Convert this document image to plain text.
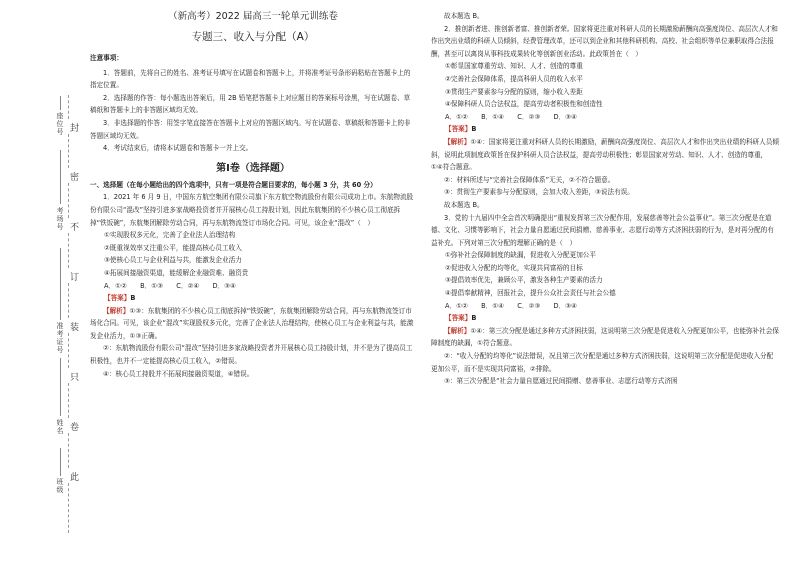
封
密
不
订
装
只
卷
此
座位号
考场号
准考证号
姓名
班级

（新高考）2022 届高三一轮单元训练卷

专题三、收入与分配（A）

注意事项：

1．答题前，先将自己的姓名、准考证号填写在试题卷和答题卡上，并将准考证号条形码粘贴在答题卡上的指定位置。

2．选择题的作答：每小题选出答案后，用 2B 铅笔把答题卡上对应题目的答案标号涂黑，写在试题卷、草稿纸和答题卡上的非答题区域均无效。

3．非选择题的作答：用签字笔直接答在答题卡上对应的答题区域内。写在试题卷、草稿纸和答题卡上的非答题区域均无效。

4．考试结束后，请将本试题卷和答题卡一并上交。

第Ⅰ卷（选择题）

一、选择题（在每小题给出的四个选项中，只有一项是符合题目要求的，每小题 3 分，共 60 分）

1．2021 年 6 月 9 日，中国东方航空集团有限公司旗下东方航空物流股份有限公司成功上市。东航物流股份有限公司“混改”坚持引进多家战略投资者并开展核心员工持股计划，因此东航集团的不少核心员工彻底拆掉“铁饭碗”，东航集团解除劳动合同，再与东航物流签订市场化合同。可见，该企业“混改”（　）

①实现股权多元化，完善了企业法人治理结构

②既重视效率又注重公平，能提高核心员工收入

③使核心员工与企业利益与共，能激发企业活力

④拓展间接融资渠道，能缓解企业融资难、融资贵

A．①②　　B．①③　　C．②④　　D．③④

【答案】B

【解析】①③：东航集团的不少核心员工彻底拆掉“铁饭碗”，东航集团解除劳动合同，再与东航物流签订市场化合同。可见，该企业“混改”实现股权多元化，完善了企业法人治理结构，使核心员工与企业利益与共，能激发企业活力，①③正确。

②：东航物流股份有限公司“混改”坚持引进多家战略投资者并开展核心员工持股计划，并不是为了提高员工积极性，也并不一定能提高核心员工收入，②错误。

④：核心员工持股并不拓展间接融资渠道，④错误。

故本题选 B。

2．推创新者进、推创新者富、推创新者荣。国家将更注重对科研人员的长期激励薪酬向高强度岗位、高层次人才和作出突出业绩的科研人员倾斜，经费管理改革，还可以到企业和其他科研机构、高校、社会组织等单位兼职取得合法报酬，甚至可以离岗从事科技成果转化等创新创业活动。此政策旨在（　）

①彰显国家尊重劳动、知识、人才、创造的尊重

②完善社会保障体系，提高科研人员的收入水平

③贯彻生产要素参与分配的原则，缩小收入差距

④保障科研人员合法权益，提高劳动者积极性和创造性

A．①②　　B．①④　　C．②③　　D．③④

【答案】B

【解析】①④：国家将更注重对科研人员的长期激励，薪酬向高强度岗位、高层次人才和作出突出业绩的科研人员倾斜，说明此项制度政策旨在保护科研人员合法权益，提高劳动积极性；彰显国家对劳动、知识、人才、创造的尊重，①④符合题意。

②：材料所述与“完善社会保障体系”无关，②不符合题意。

③：贯彻生产要素参与分配原则，会加大收入差距，③说法有误。

故本题选 B。

3．党的十九届四中全会首次明确提出“重视发挥第三次分配作用，发展慈善等社会公益事业”。第三次分配是在道德、文化、习惯等影响下，社会力量自愿通过民间捐赠、慈善事业、志愿行动等方式济困扶弱的行为，是对再分配的有益补充。下列对第三次分配的理解正确的是（　）

①弥补社会保障制度的缺漏，促进收入分配更加公平

②促进收入分配的均等化，实现共同富裕的目标

③提倡效率优先，兼顾公平，激发各种生产要素的活力

④提倡奉献精神，回报社会，提升公众社会责任与社会公德

A．①②　　B．①④　　C．②③　　D．③④

【答案】B

【解析】①④：第三次分配是通过多种方式济困扶弱，这说明第三次分配是促进收入分配更加公平，也能弥补社会保障制度的缺漏，①符合题意。

②：“收入分配的均等化”说法错误，况且第三次分配是通过多种方式济困扶弱，这说明第三次分配是促进收入分配更加公平，而不是实现共同富裕，②排除。

③：第三次分配是“社会力量自愿通过民间捐赠、慈善事业、志愿行动等方式济困
